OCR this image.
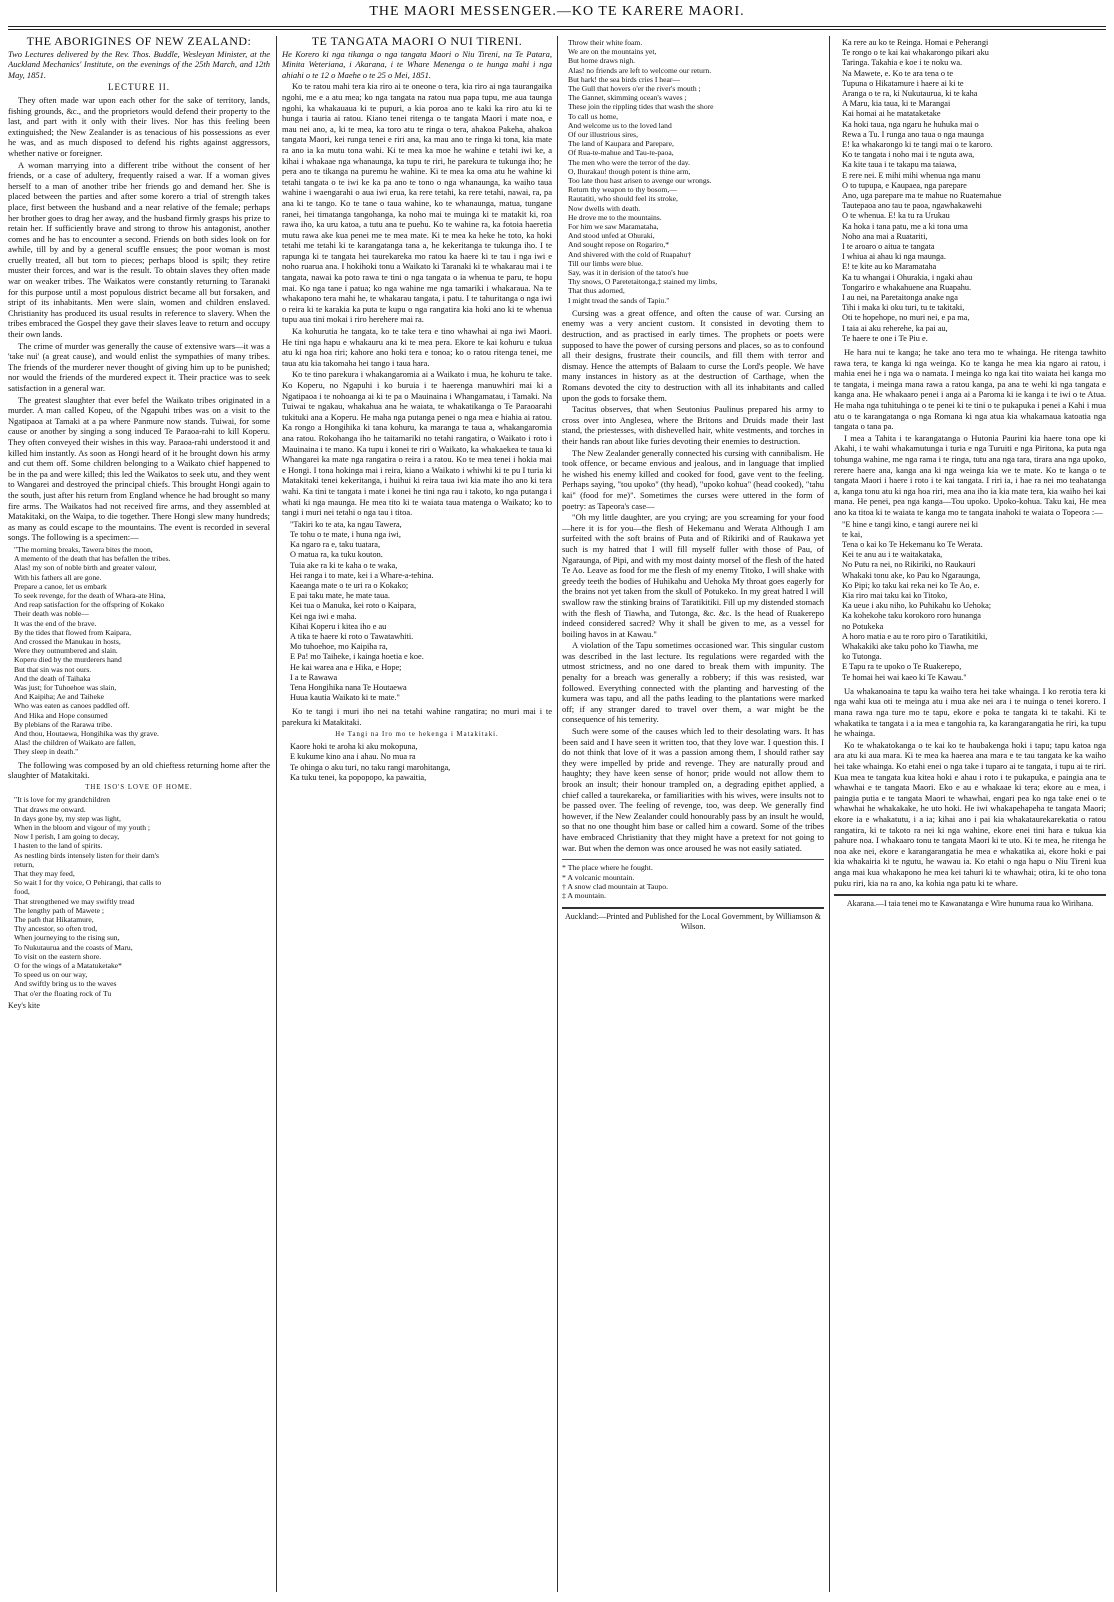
THE MAORI MESSENGER.—KO TE KARERE MAORI.
THE ABORIGINES OF NEW ZEALAND:

Two Lectures delivered by the Rev. Thos. Buddle, Wesleyan Minister, at the Auckland Mechanics' Institute, on the evenings of the 25th March, and 12th May, 1851.

LECTURE II.

They often made war upon each other for the sake of territory, lands, fishing grounds, &c., and the proprietors would defend their property to the last, and part with it only with their lives. Nor has this feeling been extinguished; the New Zealander is as tenacious of his possessions as ever he was, and as much disposed to defend his rights against aggressors, whether native or foreigner.

A woman marrying into a different tribe without the consent of her friends, or a case of adultery, frequently raised a war. If a woman gives herself to a man of another tribe her friends go and demand her. She is placed between the parties and after some korero a trial of strength takes place, first between the husband and a near relative of the female; perhaps her brother goes to drag her away, and the husband firmly grasps his prize to retain her. If sufficiently brave and strong to throw his antagonist, another comes and he has to encounter a second. Friends on both sides look on for awhile, till by and by a general scuffle ensues; the poor woman is most cruelly treated, all but torn to pieces; perhaps blood is spilt; they retire muster their forces, and war is the result. To obtain slaves they often made war on weaker tribes. The Waikatos were constantly returning to Taranaki for this purpose until a most populous district became all but forsaken, and stript of its inhabitants. Men were slain, women and children enslaved. Christianity has produced its usual results in reference to slavery. When the tribes embraced the Gospel they gave their slaves leave to return and occupy their own lands.

The crime of murder was generally the cause of extensive wars—it was a 'take nui' (a great cause), and would enlist the sympathies of many tribes. The friends of the murderer never thought of giving him up to be punished; nor would the friends of the murdered expect it. Their practice was to seek satisfaction in a general war.

The greatest slaughter that ever befel the Waikato tribes originated in a murder. A man called Kopeu, of the Ngapuhi tribes was on a visit to the Ngatipaoa at Tamaki at a pa where Panmure now stands. Tuiwai, for some cause or another by singing a song induced Te Paraoa-rahi to kill Koperu. They often conveyed their wishes in this way. Paraoa-rahi understood it and killed him instantly. As soon as Hongi heard of it he brought down his army and cut them off. Some children belonging to a Waikato chief happened to be in the pa and were killed; this led the Waikatos to seek utu, and they went to Wangarei and destroyed the principal chiefs. This brought Hongi again to the south, just after his return from England whence he had brought so many fire arms. The Waikatos had not received fire arms, and they assembled at Matakitaki, on the Waipa, to die together. There Hongi slew many hundreds; as many as could escape to the mountains. The event is recorded in several songs. The following is a specimen:—

"The morning breaks, Tawera bites the moon,
A memento of the death that has befallen the tribes.
Alas! my son of noble birth and greater valour,
With his fathers all are gone.
Prepare a canoe, let us embark
To seek revenge, for the death of Whara-ate Hina,
And reap satisfaction for the offspring of Kokako
Their death was noble—
It was the end of the brave.
By the tides that flowed from Kaipara,
And crossed the Manukau in hosts,
Were they outnumbered and slain.
Koperu died by the murderers hand
But that sin was not ours.
And the death of Taihaka
Was just; for Tuhoehoe was slain,
And Kaipiha; Ae and Taiheke
Who was eaten as canoes paddled off.
And Hika and Hope consumed
By plebians of the Rarawa tribe.
And thou, Houtaewa, Hongihika was thy grave.
Alas! the children of Waikato are fallen,
They sleep in death."

The following was composed by an old chieftess returning home after the slaughter of Matakitaki.

THE ISO'S LOVE OF HOME.
"It is love for my grandchildren
That draws me onward.
In days gone by, my step was light,
When in the bloom and vigour of my youth ;
Now I perish, I am going to decay,
I hasten to the land of spirits.
As nestling birds intensely listen for their dam's
return,
That they may feed,
So wait I for thy voice, O Pehirangi, that calls to
food,
That strengthened we may swiftly tread
The lengthy path of Mawete ;
The path that Hikatamure,
Thy ancestor, so often trod,
When journeying to the rising sun,
To Nukutaurua and the coasts of Maru,
To visit on the eastern shore.
O for the wings of a Matatuketake*
To speed us on our way,
And swiftly bring us to the waves
That o'er the floating rock of Tu
Key's kite
TE TANGATA MAORI O NUI TIRENI.

He Korero ki nga tikanga o nga tangata Maori o Niu Tireni, na Te Patara, Minita Weteriana, i Akarana, i te Whare Menenga o te hunga mahi i nga ahiahi o te 12 o Maehe o te 25 o Mei, 1851.

Ko te ratou mahi tera kia riro ai te oneone o tera, kia riro ai nga taurangaika ngohi, me e a atu mea; ko nga tangata na ratou nua papa tupu, me aua taunga ngohi, ka whakauaua ki te pupuri, a kia poroa ano te kaki ka riro atu ki te hunga i tauria ai ratou. Kiano tenei ritenga o te tangata Maori i mate noa, e mau nei ano, a, ki te mea, ka toro atu te ringa o tera, ahakoa Pakeha, ahakoa tangata Maori, kei runga tenei e riri ana, ka mau ano te ringa ki tona, kia mate ra ano ia ka mutu tona wahi. Ki te mea ka moe he wahine e tetahi iwi ke, a kihai i whakaae nga whanaunga, ka tupu te riri, he parekura te tukunga iho; he pera ano te tikanga na puremu he wahine. Ki te mea ka oma atu he wahine ki tetahi tangata o te iwi ke ka pa ano te tono o nga whanaunga, ka waiho taua wahine i waengarahi o aua iwi erua, ka rere tetahi, ka rere tetahi, nawai, ra, pa ana ki te tango. Ko te tane o taua wahine, ko te whanaunga, matua, tungane ranei, hei timatanga tangohanga, ka noho mai te muinga ki te matakit ki, roa rawa iho, ka uru katoa, a tutu ana te puehu. Ko te wahine ra, ka fotoia haeretia mutu rawa ake kua penei me te mea mate. Ki te mea ka heke he toto, ka hoki tetahi me tetahi ki te karangatanga tana a, he kekeritanga te tukunga iho. I te rapunga ki te tangata hei taurekareka mo ratou ka haere ki te tau i nga iwi e noho ruarua ana. I hokihoki tonu a Waikato ki Taranaki ki te whakarau mai i te tangata, nawai ka poto rawa te tini o nga tangata o ia whenua te paru, te hopu mai. Ko nga tane i patua; ko nga wahine me nga tamariki i whakaraua. Na te whakapono tera mahi he, te whakarau tangata, i patu. I te tahuritanga o nga iwi o reira ki te karakia ka puta te kupu o nga rangatira kia hoki ano ki te whenua tupu aua tini mokai i riro herehere mai ra.

Ka kohurutia he tangata, ko te take tera e tino whawhai ai nga iwi Maori. He tini nga hapu e whakauru ana ki te mea pera. Ekore te kai kohuru e tukua atu ki nga hoa riri; kahore ano hoki tera e tonoa; ko o ratou ritenga tenei, me taua atu kia takomaha hei tango i taua hara.

Ko te tino parekura i whakangaromia ai a Waikato i mua, he kohuru te take. Ko Koperu, no Ngapuhi i ko buruia i te haerenga manuwhiri mai ki a Ngatipaoa i te nohoanga ai ki te pa o Mauinaina i Whangamatau, i Tamaki. Na Tuiwai te ngakau, whakahua ana he waiata, te whakatikanga o Te Paraoarahi tukituki ana a Koperu. He maha nga putanga penei o nga mea e hiahia ai ratou. Ka rongo a Hongihika ki tana kohuru, ka maranga te taua a, whakangaromia ana ratou. Rokohanga iho he taitamariki no tetahi rangatira, o Waikato i roto i Mauinaina i te mano. Ka tupu i konei te riri o Waikato, ka whakaekea te taua ki Whangarei ka mate nga rangatira o reira i a ratou. Ko te mea tenei i hokia mai e Hongi. I tona hokinga mai i reira, kiano a Waikato i whiwhi ki te pu I turia ki Matakitaki tenei kekeritanga, i huihui ki reira taua iwi kia mate iho ano ki tera wahi. Ka tini te tangata i mate i konei he tini nga rau i takoto, ko nga putanga i whati ki nga maunga. He mea tito ki te waiata taua matenga o Waikato; ko to tangi i muri nei tetahi o nga tau i titoa.

"Takiri ko te ata, ka ngau Tawera,
Te tohu o te mate, i huna nga iwi,
Ka ngaro ra e, taku tuatara,
O matua ra, ka tuku kouton.
Tuia ake ra ki te kaha o te waka,
Hei ranga i to mate, kei i a Whare-a-tehina.
Kaeanga mate o te uri ra o Kokako;
E pai taku mate, he mate taua.
Kei tua o Manuka, kei roto o Kaipara,
Kei nga iwi e maha.
Kihai Koperu i kitea iho e au
A tika te haere ki roto o Tawatawhiti.
Mo tuhoehoe, mo Kaipiha ra,
E Pa! mo Taiheke, i kainga hoetia e koe.
He kai warea ana e Hika, e Hope;
I a te Rawawa
Tena Hongihika nana Te Houtaewa
Huua kautia Waikato ki te mate."

Ko te tangi i muri iho nei na tetahi wahine rangatira; no muri mai i te parekura ki Matakitaki.

He Tangi na Iro mo te hekenga i Matakitaki.
Kaore hoki te aroha ki aku mokopuna,
E kukume kino ana i ahau. No mua ra
Te ohinga o aku turi, no taku rangi marohitanga,
Ka tuku tenei, ka popopopo, ka pawaitia,
Throw their white foam.
We are on the mountains yet,
But home draws nigh.
Alas! no friends are left to welcome our return.
But hark! the sea birds cries I hear—
The Gull that hovers o'er the river's mouth ;
The Gannet, skimming ocean's waves ;
These join the rippling tides that wash the shore
To call us home,
And welcome us to the loved land
Of our illustrious sires,
The land of Kaupara and Parepare,
Of Rua-te-mahue and Tau-te-paoa,
The men who were the terror of the day.
O, Ihurakau! though potent is thine arm,
Too late thou hast arisen to avenge our wrongs.
Return thy weapon to thy bosom,—
Rautatiti, who should feel its stroke,
Now dwells with death.
He drove me to the mountains.
For him we saw Maramataha,
And stood unfed at Ohuraki,
And sought repose on Rogariro,*
And shivered with the cold of Ruapahu†
Till our limbs were blue.
Say, was it in derision of the tatoo's hue
Thy snows, O Paretetaitonga,‡ stained my limbs,
That thus adorned,
I might tread the sands of Tapiu."

Cursing was a great offence, and often the cause of war. Cursing an enemy was a very ancient custom. It consisted in devoting them to destruction, and as practised in early times. The prophets or poets were supposed to have the power of cursing persons and places, so as to confound all their designs, frustrate their councils, and fill them with terror and dismay. Hence the attempts of Balaam to curse the Lord's people. We have many instances in history as at the destruction of Carthage, when the Romans devoted the city to destruction with all its inhabitants and called upon the gods to forsake them.

Tacitus observes, that when Seutonius Paulinus prepared his army to cross over into Anglesea, where the Britons and Druids made their last stand, the priestesses, with dishevelled hair, white vestments, and torches in their hands ran about like furies devoting their enemies to destruction.

The New Zealander generally connected his cursing with cannibalism. He took offence, or became envious and jealous, and in language that implied he wished his enemy killed and cooked for food, gave vent to the feeling. Perhaps saying, "tou upoko" (thy head), "upoko kohua" (head cooked), "tahu kai" (food for me)". Sometimes the curses were uttered in the form of poetry: as Tapeora's case—

"Oh my little daughter, are you crying; are you screaming for your food—here it is for you—the flesh of Hekemanu and Werata Although I am surfeited with the soft brains of Puta and of Rikiriki and of Raukawa yet such is my hatred that I will fill myself fuller with those of Pau, of Ngaraunga, of Pipi, and with my most dainty morsel of the flesh of the hated Te Ao. Leave as food for me the flesh of my enemy Titoko, I will shake with greedy teeth the bodies of Huhikahu and Uehoka My throat goes eagerly for the brains not yet taken from the skull of Potukeko. In my great hatred I will swallow raw the stinking brains of Taratikitiki. Fill up my distended stomach with the flesh of Tiawha, and Tutonga, &c. &c. Is the head of Ruakerepo indeed considered sacred? Why it shall be given to me, as a vessel for boiling havos in at Kawau."

A violation of the Tapu sometimes occasioned war. This singular custom was described in the last lecture. Its regulations were regarded with the utmost strictness, and no one dared to break them with impunity. The penalty for a breach was generally a robbery; if this was resisted, war followed. Everything connected with the planting and harvesting of the kumera was tapu, and all the paths leading to the plantations were marked off; if any stranger dared to travel over them, a war might be the consequence of his temerity.

Such were some of the causes which led to their desolating wars. It has been said and I have seen it written too, that they love war. I question this. I do not think that love of it was a passion among them, I should rather say they were impelled by pride and revenge. They are naturally proud and haughty; they have keen sense of honor; pride would not allow them to brook an insult; their honour trampled on, a degrading epithet applied, a chief called a taurekareka, or familiarities with his wives, were insults not to be passed over. The feeling of revenge, too, was deep. We generally find however, if the New Zealander could honourably pass by an insult he would, so that no one thought him base or called him a coward. Some of the tribes have embraced Christianity that they might have a pretext for not going to war. But when the demon was once aroused he was not easily satiated.

* The place where he fought.
* A volcanic mountain.
† A snow clad mountain at Taupo.
‡ A mountain.
Auckland:—Printed and Published for the Local Government, by Williamson & Wilson.
Ka rere au ko te Reinga. Homai e Peherangi
Te rongo o te kai kai whakarongo pikari aku
Taringa. Takahia e koe i te noku wa.
Na Mawete, e. Ko te ara tena o te
Tupuna o Hikatamure i haere ai ki te
Aranga o te ra, ki Nukutaurua, ki te kaha
A Maru, kia taua, ki te Marangai
Kai homai ai he matataketake
Ka hoki taua, nga ngaru he huhuka mai o
Rewa a Tu. I runga ano taua o nga maunga
E! ka whakarongo ki te tangi mai o te karoro.
Ko te tangata i noho mai i te nguta awa,
Ka kite taua i te takapu ma taiawa,
E rere nei. E mihi mihi whenua nga manu
O to tupupa, e Kaupaea, nga parepare
Ano, uga parepare ma te mahue no Ruatemahue
Tautepaoa ano tau te paoa, ngawhakawehi
O te whenua. E! ka tu ra Urukau
Ka hoka i tana patu, me a ki tona uma
Noho ana mai a Ruatariti,
I te aroaro o aitua te tangata
I whiua ai ahau ki nga maunga.
E! te kite au ko Maramataha
Ka tu whangai i Ohurakia, i ngaki ahau
Tongariro e whakahuene ana Ruapahu.
I au nei, na Paretaitonga anake nga
Tihi i maka ki oku turi, tu te takitaki,
Oti te hopehope, no muri nei, e pa ma,
I taia ai aku reherehe, ka pai au,
Te haere te one i Te Piu e.

He hara nui te kanga; he take ano tera mo te whainga. He ritenga tawhito rawa tera, te kanga ki nga weinga. Ko te kanga he mea kia ngaro ai ratou, i mahia enei he i nga wa o namata. I meinga ko nga kai tito waiata hei kanga mo te tangata, i meinga mana rawa a ratou kanga, pa ana te wehi ki nga tangata e kanga ana. He whakaaro penei i anga ai a Paroma ki ie kanga i te iwi o te Atua. He maha nga tuhituhinga o te penei ki te tini o te pukapuka i penei a Kahi i mua atu o te karangatanga o nga Romana ki nga atua kia whakamaua katoatia nga tangata o tana pa.

I mea a Tahita i te karangatanga o Hutonia Paurini kia haere tona ope ki Akahi, i te wahi whakamutunga i turia e nga Turuiti e nga Piritona, ka puta nga tohunga wahine, me nga rama i te ringa, tutu ana nga tara, tirara ana nga upoko, rerere haere ana, kanga ana ki nga weinga kia we te mate. Ko te kanga o te tangata Maori i haere i roto i te kai tangata. I riri ia, i hae ra nei mo teahatanga a, kanga tonu atu ki nga hoa riri, mea ana iho ia kia mate tera, kia waiho hei kai mana. He penei, pea nga kanga—Tou upoko. Upoko-kohua. Taku kai, He mea ano ka titoa ki te waiata te kanga mo te tangata inahoki te waiata o Topeora :—

"E hine e tangi kino, e tangi aurere nei ki
te kai,
Tena o kai ko Te Hekemanu ko Te Werata.
Kei te anu au i te waitakataka,
No Putu ra nei, no Rikiriki, no Raukauri
Whakaki tonu ake, ko Pau ko Ngaraunga,
Ko Pipi; ko taku kai reka nei ko Te Ao, e.
Kia riro mai taku kai ko Titoko,
Ka ueue i aku niho, ko Puhikahu ko Uehoka;
Ka kohekohe taku korokoro roro hunanga
no Potukeka
A horo matia e au te roro piro o Taratikitiki,
Whakakiki ake taku poho ko Tiawha, me
ko Tutonga.
E Tapu ra te upoko o Te Ruakerepo,
Te homai hei wai kaeo ki Te Kawau."

Ua whakanoaina te tapu ka waiho tera hei take whainga. I ko rerotia tera ki nga wahi kua oti te meinga atu i mua ake nei ara i te nuinga o tenei korero. I mana rawa nga ture mo te tapu, ekore e poka te tangata ki te takahi. Ki te whakatika te tangata i a ia mea e tangohia ra, ka karangarangatia he riri, ka tupu he whainga.

Ko te whakatokanga o te kai ko te haubakenga hoki i tapu; tapu katoa nga ara atu ki aua mara. Ki te mea ka haerea ana mara e te tau tangata ke ka waiho hei take whainga. Ko etahi enei o nga take i tuparo ai te tangata, i tupu ai te riri. Kua mea te tangata kua kitea hoki e ahau i roto i te pukapuka, e paingia ana te whawhai e te tangata Maori. Eko e au e whakaae ki tera; ekore au e mea, i paingia putia e te tangata Maori te whawhai, engari pea ko nga take enei o te whawhai he whakakake, he uto hoki. He iwi whakapehapeha te tangata Maori; ekore ia e whakatutu, i a ia; kihai ano i pai kia whakataurekarekatia o ratou rangatira, ki te takoto ra nei ki nga wahine, ekore enei tini hara e tukua kia pahure noa. I whakaaro tonu te tangata Maori ki te uto. Ki te mea, he ritenga he noa ake nei, ekore e karangarangatia he mea e whakatika ai, ekore hoki e pai kia whakairia ki te ngutu, he wawau ia. Ko etahi o nga hapu o Niu Tireni kua anga mai kua whakapono he mea kei tahuri ki te whawhai; otira, ki te oho tona puku riri, kia na ra ano, ka kohia nga patu ki te whare.

Akarana.—I taia tenei mo te Kawanatanga e Wire hunuma raua ko Wirihana.
